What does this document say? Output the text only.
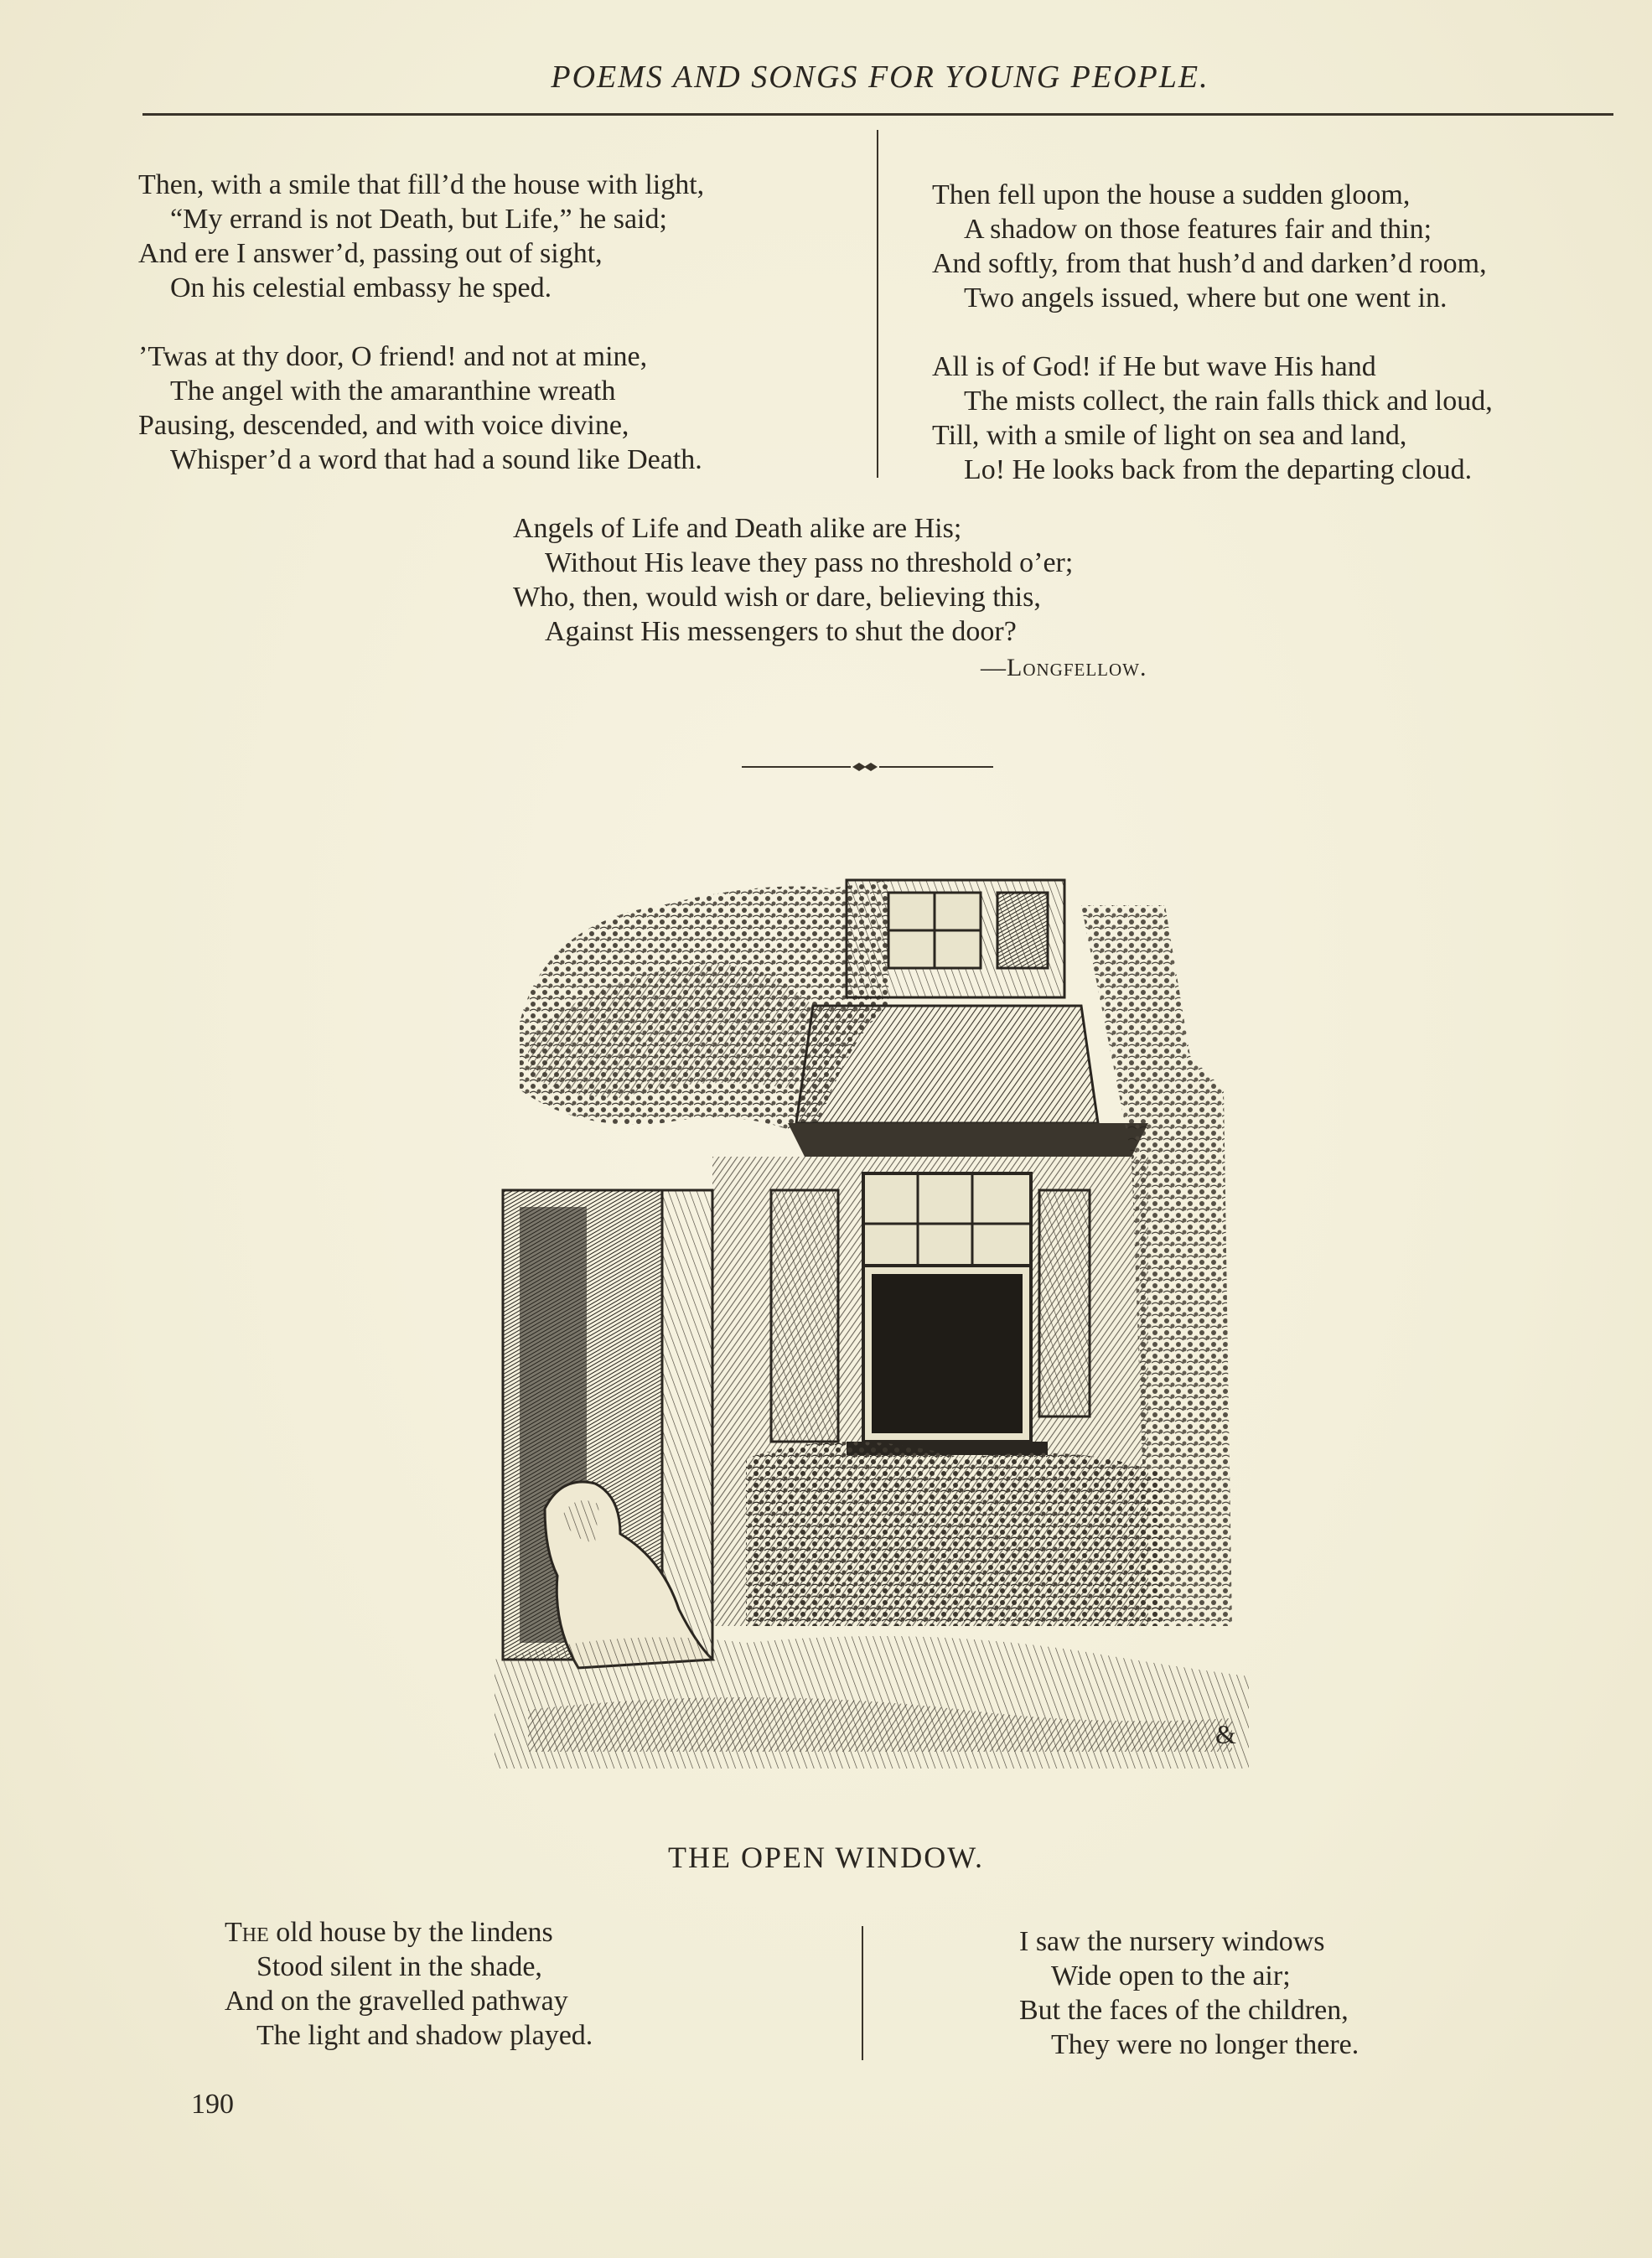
POEMS AND SONGS FOR YOUNG PEOPLE.
Then, with a smile that fill’d the house with light,
“My errand is not Death, but Life,” he said;
And ere I answer’d, passing out of sight,
On his celestial embassy he sped.
’Twas at thy door, O friend! and not at mine,
The angel with the amaranthine wreath
Pausing, descended, and with voice divine,
Whisper’d a word that had a sound like Death.
Then fell upon the house a sudden gloom,
A shadow on those features fair and thin;
And softly, from that hush’d and darken’d room,
Two angels issued, where but one went in.
All is of God! if He but wave His hand
The mists collect, the rain falls thick and loud,
Till, with a smile of light on sea and land,
Lo! He looks back from the departing cloud.
Angels of Life and Death alike are His;
Without His leave they pass no threshold o’er;
Who, then, would wish or dare, believing this,
Against His messengers to shut the door?
—Longfellow.
&
THE OPEN WINDOW.
The old house by the lindens
Stood silent in the shade,
And on the gravelled pathway
The light and shadow played.
I saw the nursery windows
Wide open to the air;
But the faces of the children,
They were no longer there.
190
